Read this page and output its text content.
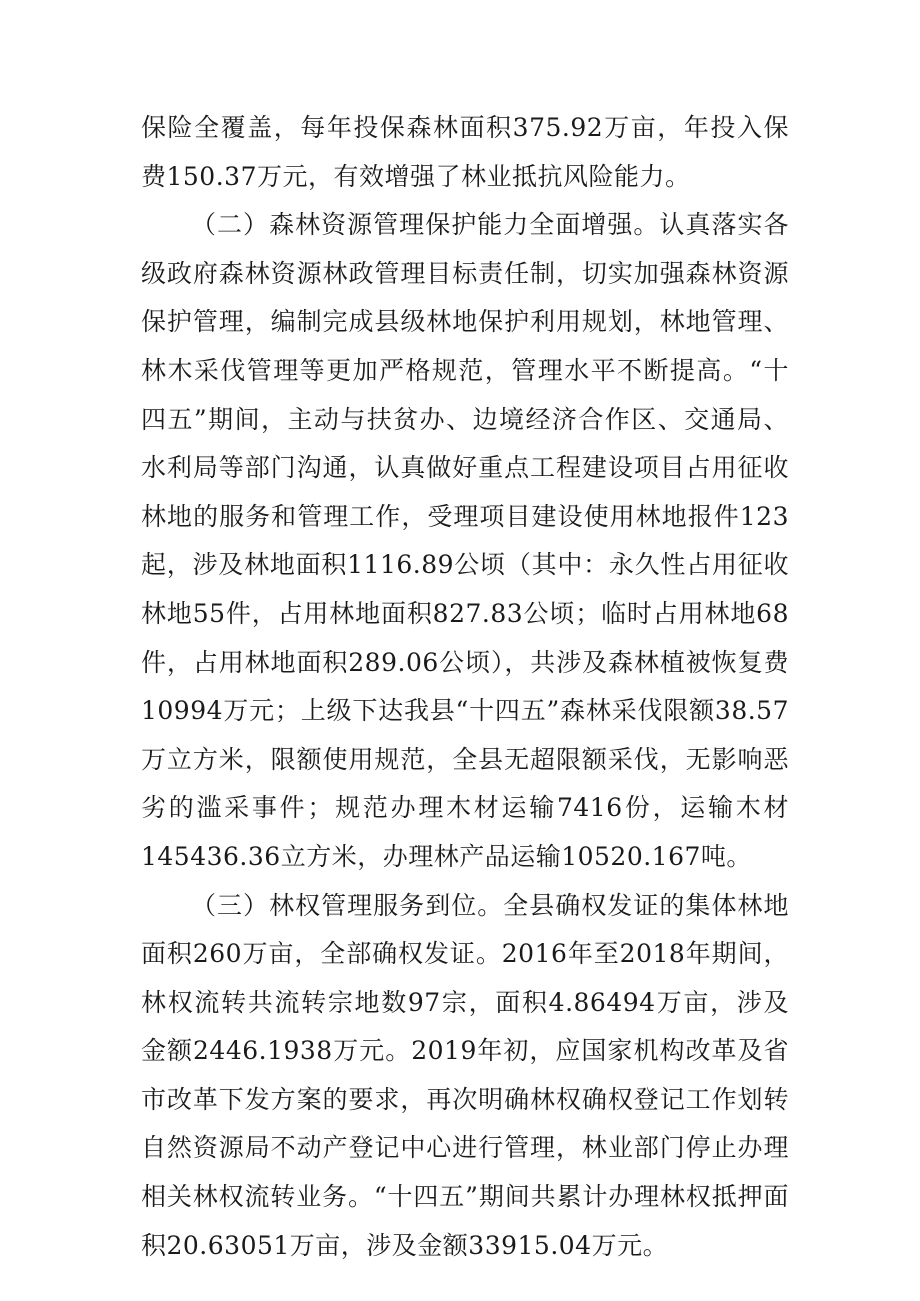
保险全覆盖，每年投保森林面积375.92万亩，年投入保费150.37万元，有效增强了林业抵抗风险能力。

（二）森林资源管理保护能力全面增强。认真落实各级政府森林资源林政管理目标责任制，切实加强森林资源保护管理，编制完成县级林地保护利用规划，林地管理、林木采伐管理等更加严格规范，管理水平不断提高。“十四五”期间，主动与扶贫办、边境经济合作区、交通局、水利局等部门沟通，认真做好重点工程建设项目占用征收林地的服务和管理工作，受理项目建设使用林地报件123起，涉及林地面积1116.89公顷（其中：永久性占用征收林地55件，占用林地面积827.83公顷；临时占用林地68件，占用林地面积289.06公顷），共涉及森林植被恢复费10994万元；上级下达我县“十四五”森林采伐限额38.57万立方米，限额使用规范，全县无超限额采伐，无影响恶劣的滥采事件；规范办理木材运输7416份，运输木材145436.36立方米，办理林产品运输10520.167吨。

（三）林权管理服务到位。全县确权发证的集体林地面积260万亩，全部确权发证。2016年至2018年期间，林权流转共流转宗地数97宗，面积4.86494万亩，涉及金额2446.1938万元。2019年初，应国家机构改革及省市改革下发方案的要求，再次明确林权确权登记工作划转自然资源局不动产登记中心进行管理，林业部门停止办理相关林权流转业务。“十四五”期间共累计办理林权抵押面积20.63051万亩，涉及金额33915.04万元。
